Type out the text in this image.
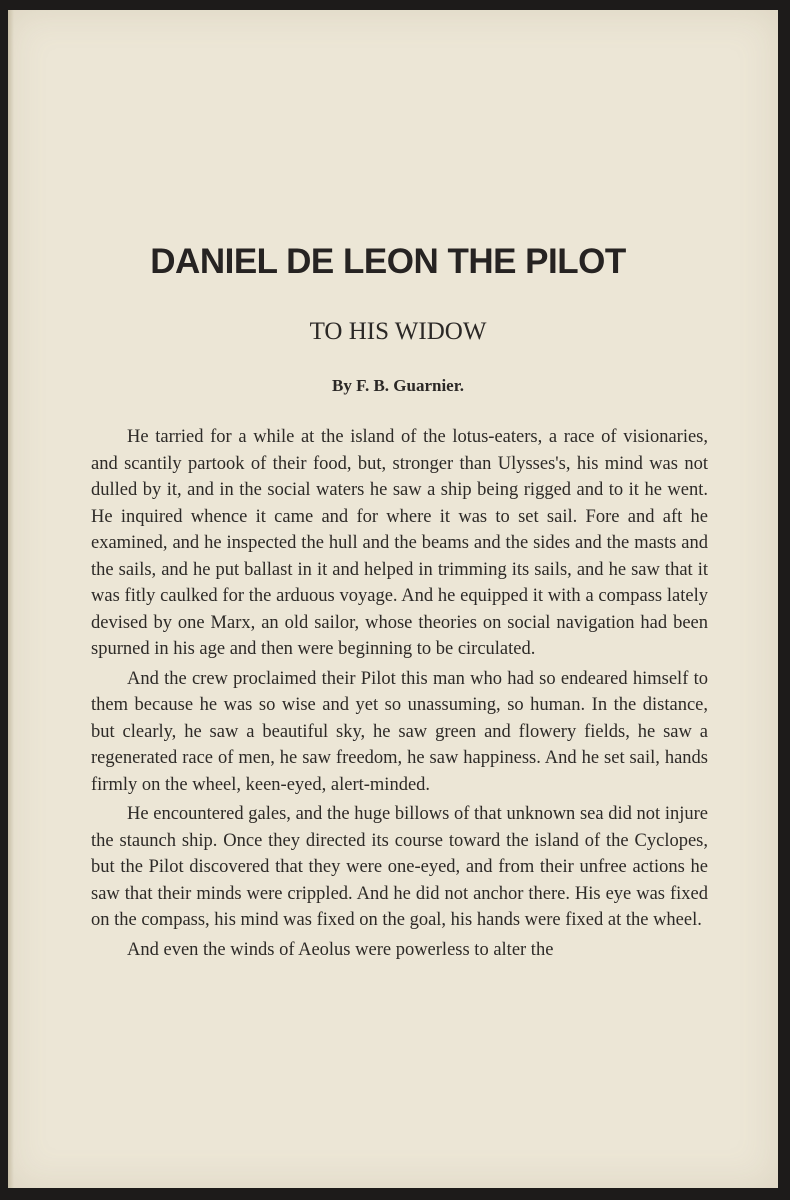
DANIEL DE LEON THE PILOT
TO HIS WIDOW
By F. B. Guarnier.

He tarried for a while at the island of the lotus-eaters, a race of visionaries, and scantily partook of their food, but, stronger than Ulysses's, his mind was not dulled by it, and in the social waters he saw a ship being rigged and to it he went. He inquired whence it came and for where it was to set sail. Fore and aft he examined, and he inspected the hull and the beams and the sides and the masts and the sails, and he put ballast in it and helped in trimming its sails, and he saw that it was fitly caulked for the arduous voyage. And he equipped it with a compass lately devised by one Marx, an old sailor, whose theories on social navigation had been spurned in his age and then were beginning to be circulated.

And the crew proclaimed their Pilot this man who had so endeared himself to them because he was so wise and yet so unassuming, so human. In the distance, but clearly, he saw a beautiful sky, he saw green and flowery fields, he saw a regenerated race of men, he saw freedom, he saw happiness. And he set sail, hands firmly on the wheel, keen-eyed, alert-minded.

He encountered gales, and the huge billows of that unknown sea did not injure the staunch ship. Once they directed its course toward the island of the Cyclopes, but the Pilot discovered that they were one-eyed, and from their unfree actions he saw that their minds were crippled. And he did not anchor there. His eye was fixed on the compass, his mind was fixed on the goal, his hands were fixed at the wheel.

And even the winds of Aeolus were powerless to alter the
